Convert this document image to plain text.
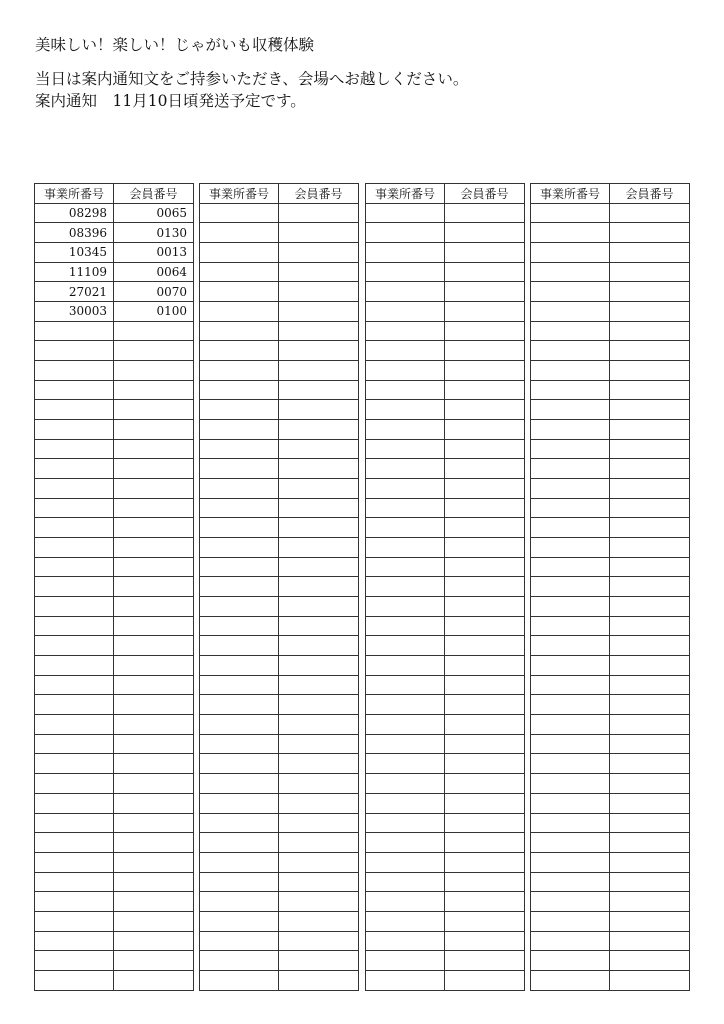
美味しい！楽しい！じゃがいも収穫体験
当日は案内通知文をご持参いただき、会場へお越しください。
案内通知　11月10日頃発送予定です。
事業所番号	会員番号
08298	0065
08396	0130
10345	0013
11109	0064
27021	0070
30003	0100

事業所番号	会員番号

		事業所番号	会員番号

		事業所番号	会員番号
